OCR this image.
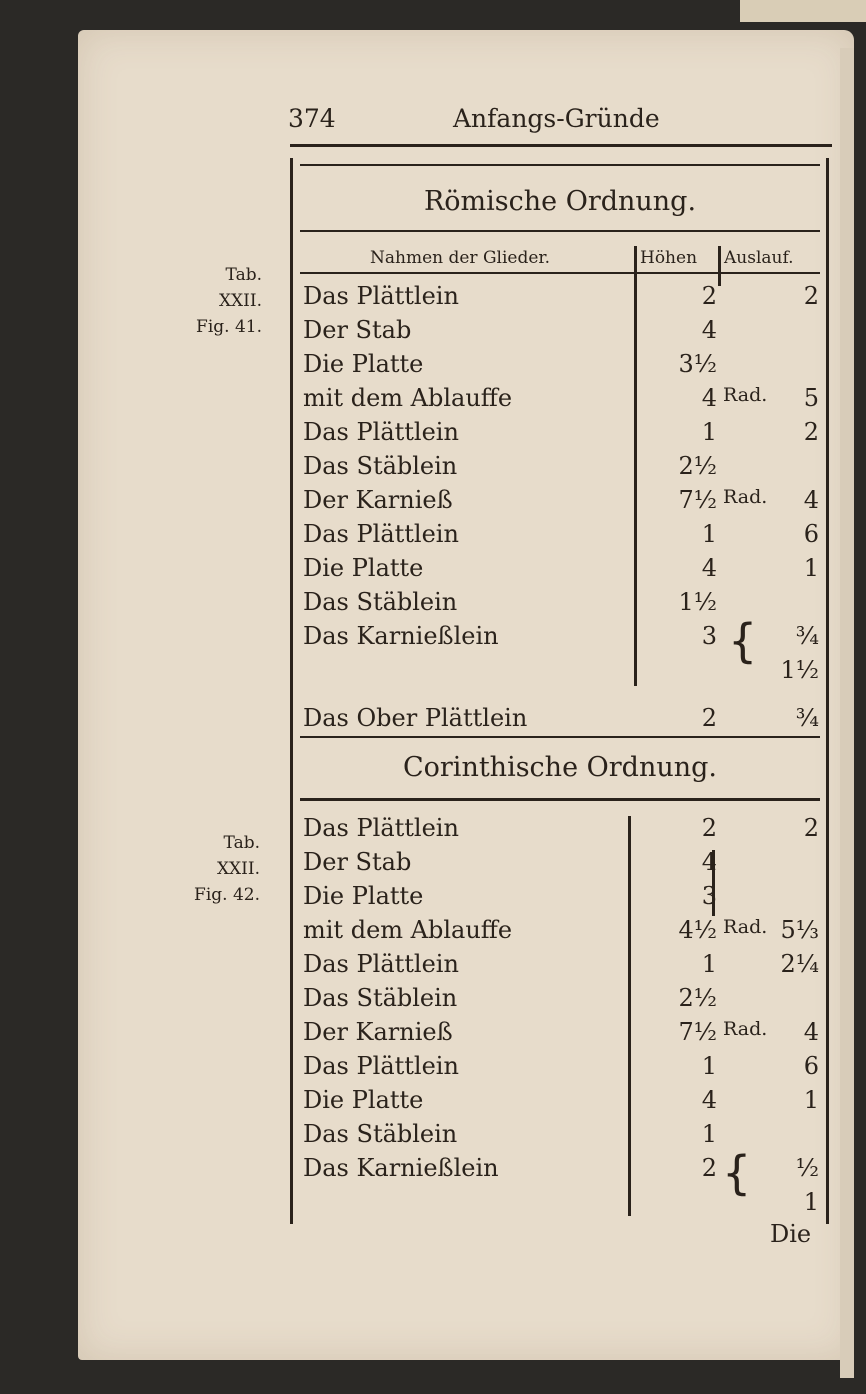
374	Anfangs-Gründe
Römische Ordnung.
Nahmen der Glieder.	Höhen Auslauf.
Tab.
XXII.
Fig. 41.
Das Plättlein	2	2
Der Stab	4
Die Platte	3½
mit dem Ablauffe	4 Rad.	5
Das Plättlein	1	2
Das Stäblein	2½
Der Karnieß	7½ Rad.	4
Das Plättlein	1	6
Die Platte	4	1
Das Stäblein	1½
Das Karnießlein	3	¾
1½
Das Ober Plättlein	2	¾
{
Corinthische Ordnung.
Tab.
XXII.
Fig. 42.
Das Plättlein	2	2
Der Stab	4
Die Platte	3
mit dem Ablauffe	4½ Rad. 5⅓
Das Plättlein	1	2¼
Das Stäblein	2½
Der Karnieß	7½ Rad.	4
Das Plättlein	1	6
Die Platte	4	1
Das Stäblein	1
Das Karnießlein	2	½
1
{
Die
